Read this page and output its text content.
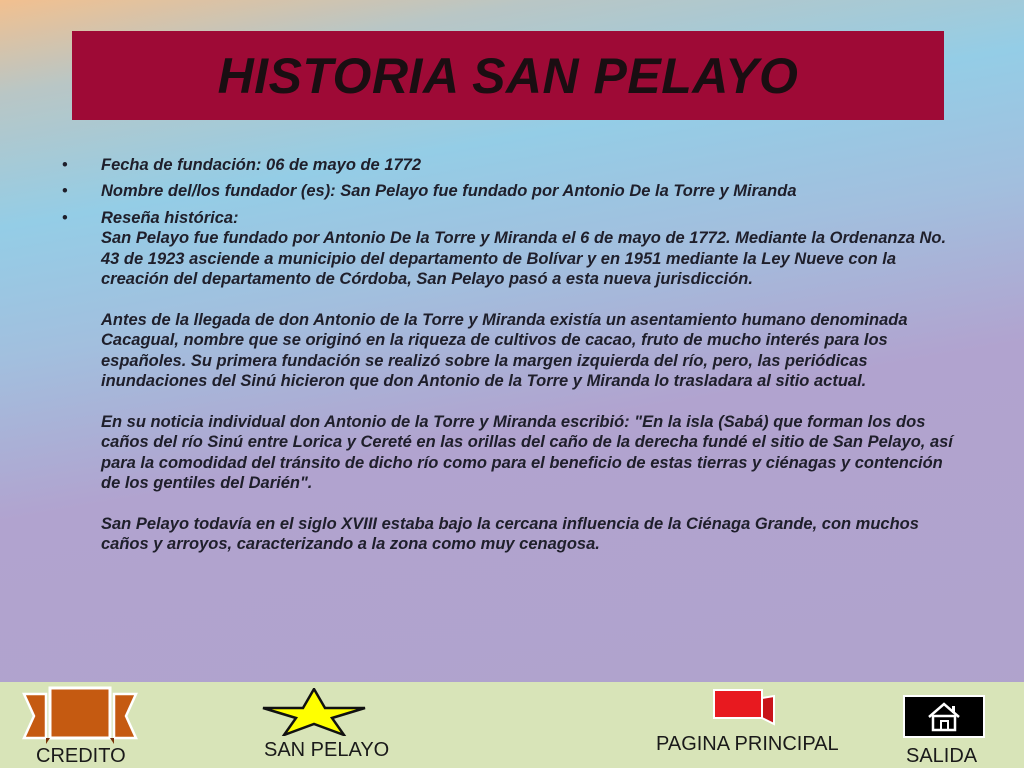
HISTORIA SAN PELAYO
• Fecha de fundación: 06 de mayo de 1772
• Nombre del/los fundador (es): San Pelayo fue fundado por Antonio De la Torre y Miranda

• Reseña histórica:

San Pelayo fue fundado por Antonio De la Torre y Miranda el 6 de mayo de 1772. Mediante la Ordenanza No. 43 de 1923 asciende a municipio del departamento de Bolívar y en 1951 mediante la Ley Nueve con la creación del departamento de Córdoba, San Pelayo pasó a esta nueva jurisdicción.

Antes de la llegada de don Antonio de la Torre y Miranda existía un asentamiento humano denominada Cacagual, nombre que se originó en la riqueza de cultivos de cacao, fruto de mucho interés para los españoles. Su primera fundación se realizó sobre la margen izquierda del río, pero, las periódicas inundaciones del Sinú hicieron que don Antonio de la Torre y Miranda lo trasladara al sitio actual.

En su noticia individual don Antonio de la Torre y Miranda escribió: "En la isla (Sabá) que forman los dos caños del río Sinú entre Lorica y Cereté en las orillas del caño de la derecha fundé el sitio de San Pelayo, así para la comodidad del tránsito de dicho río como para el beneficio de estas tierras y ciénagas y contención de los gentiles del Darién".

San Pelayo todavía en el siglo XVIII estaba bajo la cercana influencia de la Ciénaga Grande, con muchos caños y arroyos, caracterizando a la zona como muy cenagosa.

CREDITO	SAN PELAYO	PAGINA PRINCIPAL
SALIDA
